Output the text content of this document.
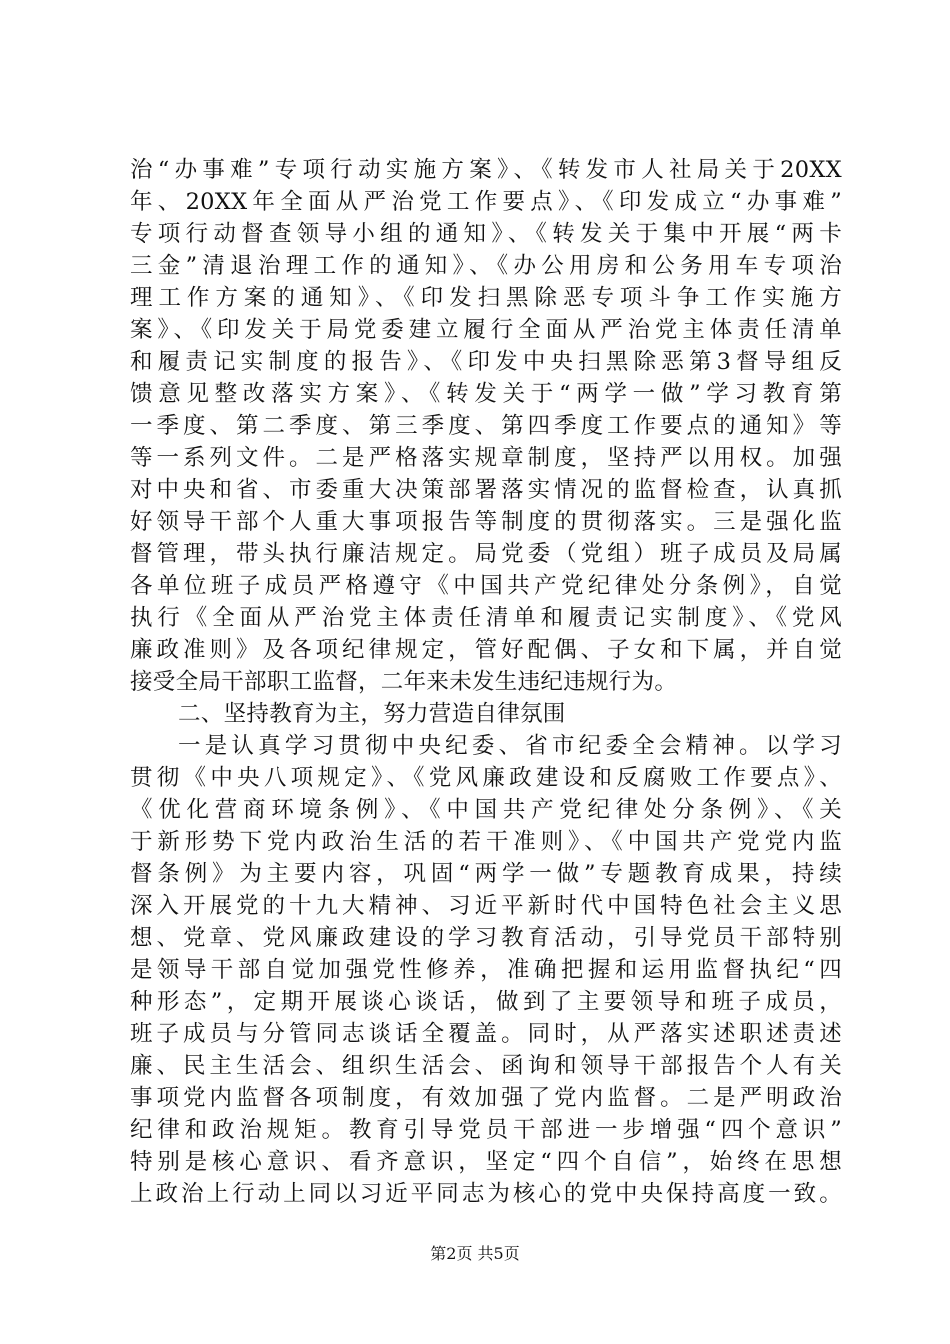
治“办事难”专项行动实施方案》、《转发市人社局关于20XX
年、20XX年全面从严治党工作要点》、《印发成立“办事难”
专项行动督查领导小组的通知》、《转发关于集中开展“两卡
三金”清退治理工作的通知》、《办公用房和公务用车专项治
理工作方案的通知》、《印发扫黑除恶专项斗争工作实施方
案》、《印发关于局党委建立履行全面从严治党主体责任清单
和履责记实制度的报告》、《印发中央扫黑除恶第3督导组反
馈意见整改落实方案》、《转发关于“两学一做”学习教育第
一季度、第二季度、第三季度、第四季度工作要点的通知》等
等一系列文件。二是严格落实规章制度，坚持严以用权。加强
对中央和省、市委重大决策部署落实情况的监督检查，认真抓
好领导干部个人重大事项报告等制度的贯彻落实。三是强化监
督管理，带头执行廉洁规定。局党委（党组）班子成员及局属
各单位班子成员严格遵守《中国共产党纪律处分条例》，自觉
执行《全面从严治党主体责任清单和履责记实制度》、《党风
廉政准则》及各项纪律规定，管好配偶、子女和下属，并自觉
接受全局干部职工监督，二年来未发生违纪违规行为。
二、坚持教育为主，努力营造自律氛围
一是认真学习贯彻中央纪委、省市纪委全会精神。以学习
贯彻《中央八项规定》、《党风廉政建设和反腐败工作要点》、
《优化营商环境条例》、《中国共产党纪律处分条例》、《关
于新形势下党内政治生活的若干准则》、《中国共产党党内监
督条例》为主要内容，巩固“两学一做”专题教育成果，持续
深入开展党的十九大精神、习近平新时代中国特色社会主义思
想、党章、党风廉政建设的学习教育活动，引导党员干部特别
是领导干部自觉加强党性修养，准确把握和运用监督执纪“四
种形态”，定期开展谈心谈话，做到了主要领导和班子成员，
班子成员与分管同志谈话全覆盖。同时，从严落实述职述责述
廉、民主生活会、组织生活会、函询和领导干部报告个人有关
事项党内监督各项制度，有效加强了党内监督。二是严明政治
纪律和政治规矩。教育引导党员干部进一步增强“四个意识”
特别是核心意识、看齐意识，坚定“四个自信”，始终在思想
上政治上行动上同以习近平同志为核心的党中央保持高度一致。
第2页 共5页
